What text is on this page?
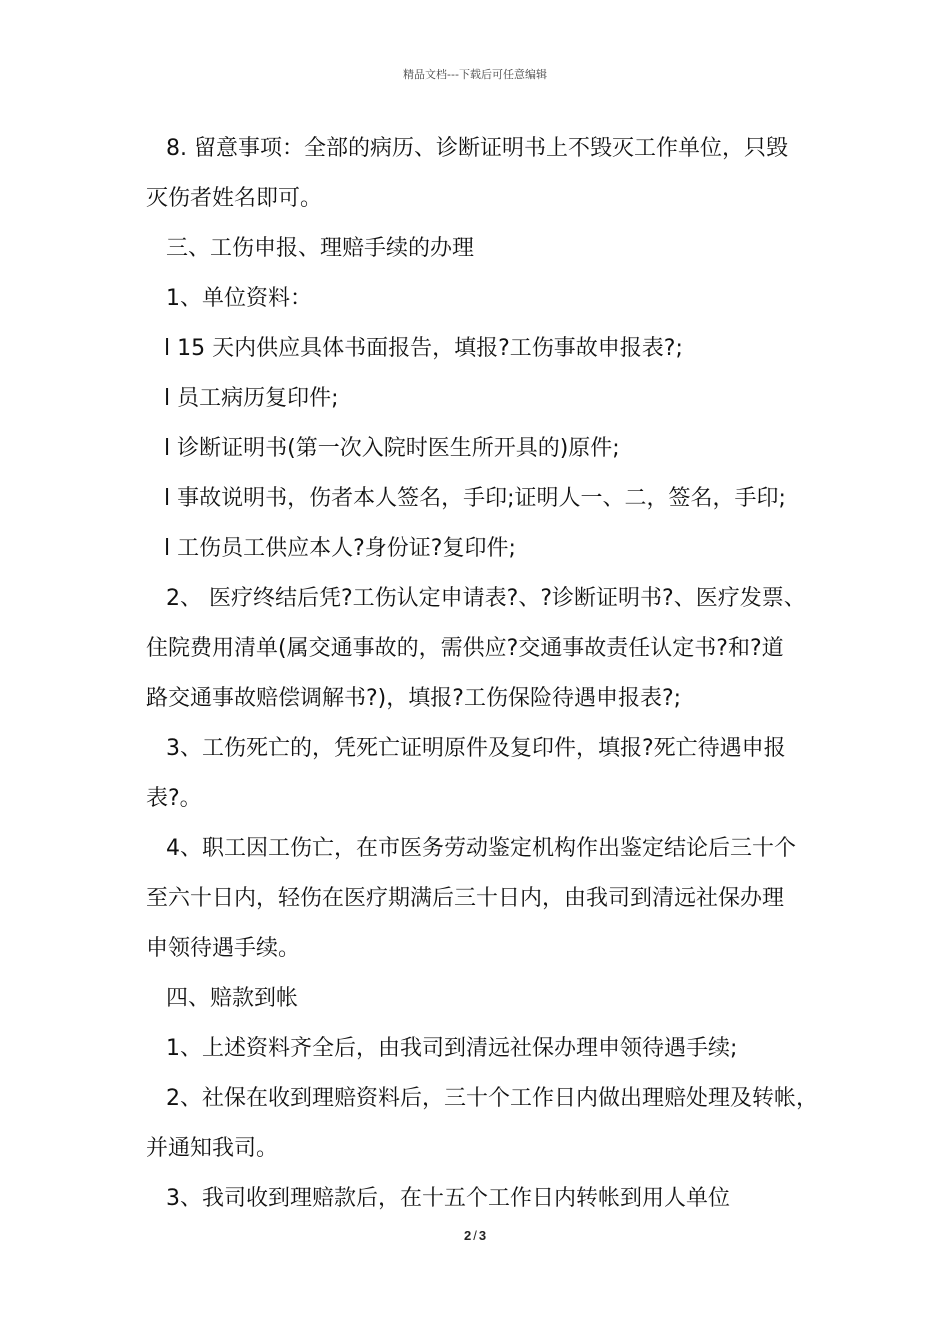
精品文档---下载后可任意编辑
8. 留意事项：全部的病历、诊断证明书上不毁灭工作单位，只毁
灭伤者姓名即可。
三、工伤申报、理赔手续的办理
1、单位资料：
l 15 天内供应具体书面报告，填报?工伤事故申报表?;
l 员工病历复印件;
l 诊断证明书(第一次入院时医生所开具的)原件;
l 事故说明书，伤者本人签名，手印;证明人一、二，签名，手印;
l 工伤员工供应本人?身份证?复印件;
2、 医疗终结后凭?工伤认定申请表?、?诊断证明书?、医疗发票、
住院费用清单(属交通事故的，需供应?交通事故责任认定书?和?道
路交通事故赔偿调解书?)，填报?工伤保险待遇申报表?;
3、工伤死亡的，凭死亡证明原件及复印件，填报?死亡待遇申报
表?。
4、职工因工伤亡，在市医务劳动鉴定机构作出鉴定结论后三十个
至六十日内，轻伤在医疗期满后三十日内，由我司到清远社保办理
申领待遇手续。
四、赔款到帐
1、上述资料齐全后，由我司到清远社保办理申领待遇手续;
2、社保在收到理赔资料后，三十个工作日内做出理赔处理及转帐，
并通知我司。
3、我司收到理赔款后，在十五个工作日内转帐到用人单位
2 / 3
